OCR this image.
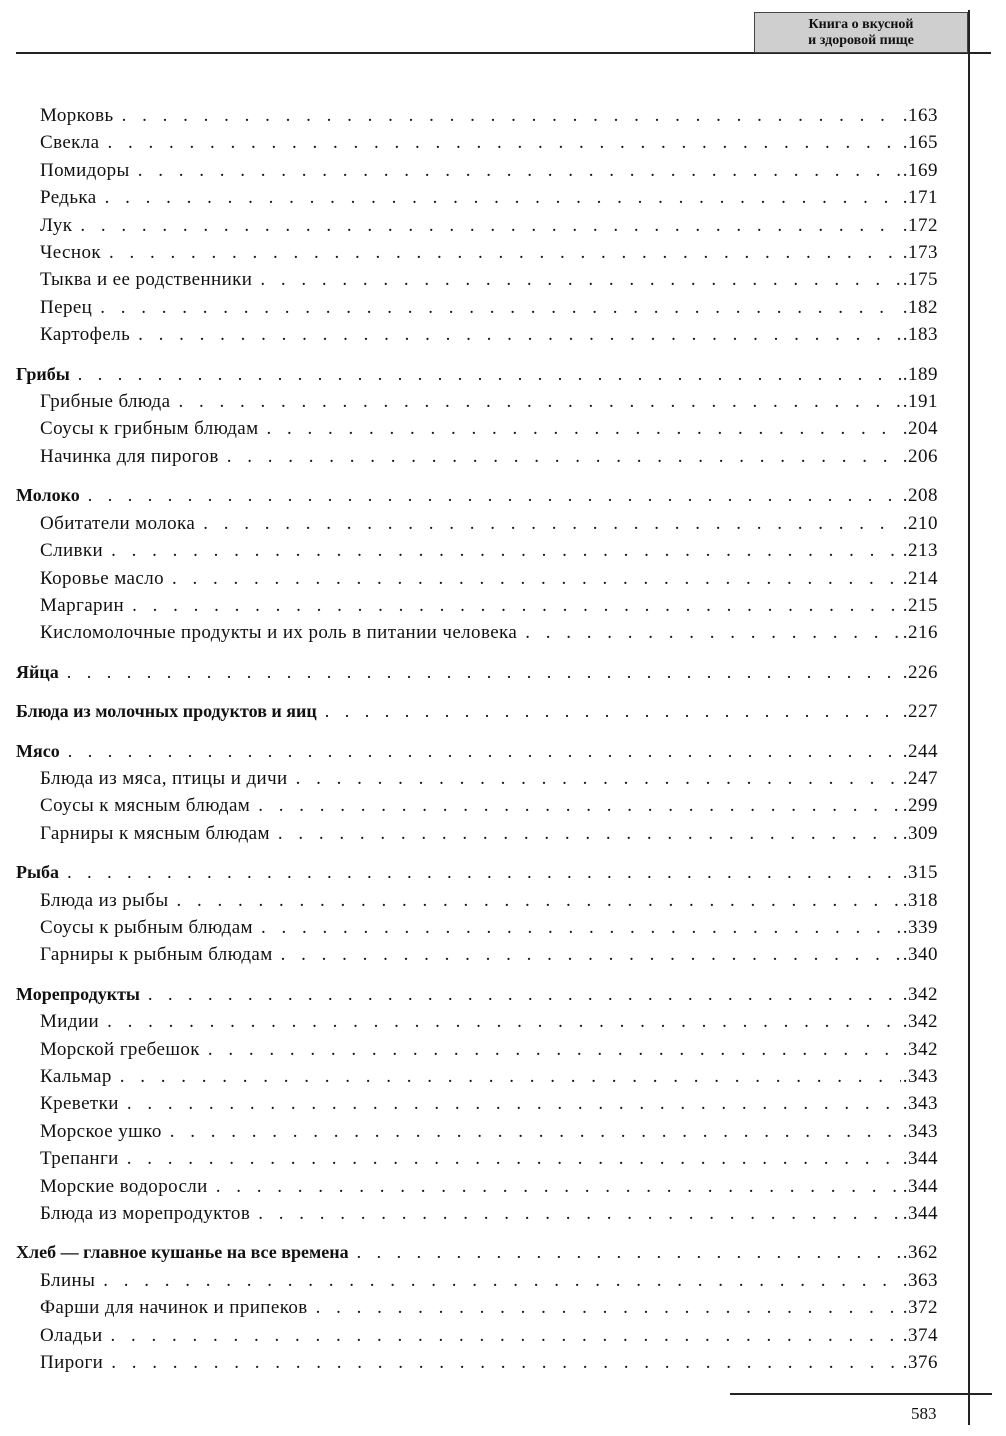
Книга о вкусной
и здоровой пище
Морковь . . .	.163
Свекла . . .	.165
Помидоры . . .	.169
Редька . . .	.171
Лук . . .	.172
Чеснок . . .	.173
Тыква и ее родственники . . .	.175
Перец . . .	.182
Картофель . . .	.183
Грибы . . .	.189
Грибные блюда . . .	.191
Соусы к грибным блюдам . . .	.204
Начинка для пирогов . . .	.206
Молоко . . .	.208
Обитатели молока . . .	.210
Сливки . . .	.213
Коровье масло . . .	.214
Маргарин . . .	.215
Кисломолочные продукты и их роль в питании человека . . .	.216
Яйца . . .	.226
Блюда из молочных продуктов и яиц . . .	.227
Мясо . . .	.244
Блюда из мяса, птицы и дичи . . .	.247
Соусы к мясным блюдам . . .	.299
Гарниры к мясным блюдам . . .	.309
Рыба . . .	.315
Блюда из рыбы . . .	.318
Соусы к рыбным блюдам . . .	.339
Гарниры к рыбным блюдам . . .	.340
Морепродукты . . .	.342
Мидии . . .	.342
Морской гребешок . . .	.342
Кальмар . . .	.343
Креветки . . .	.343
Морское ушко . . .	.343
Трепанги . . .	.344
Морские водоросли . . .	.344
Блюда из морепродуктов . . .	.344
Хлеб — главное кушанье на все времена . . .	.362
Блины . . .	.363
Фарши для начинок и припеков . . .	.372
Оладьи . . .	.374
Пироги . . .	.376
583
